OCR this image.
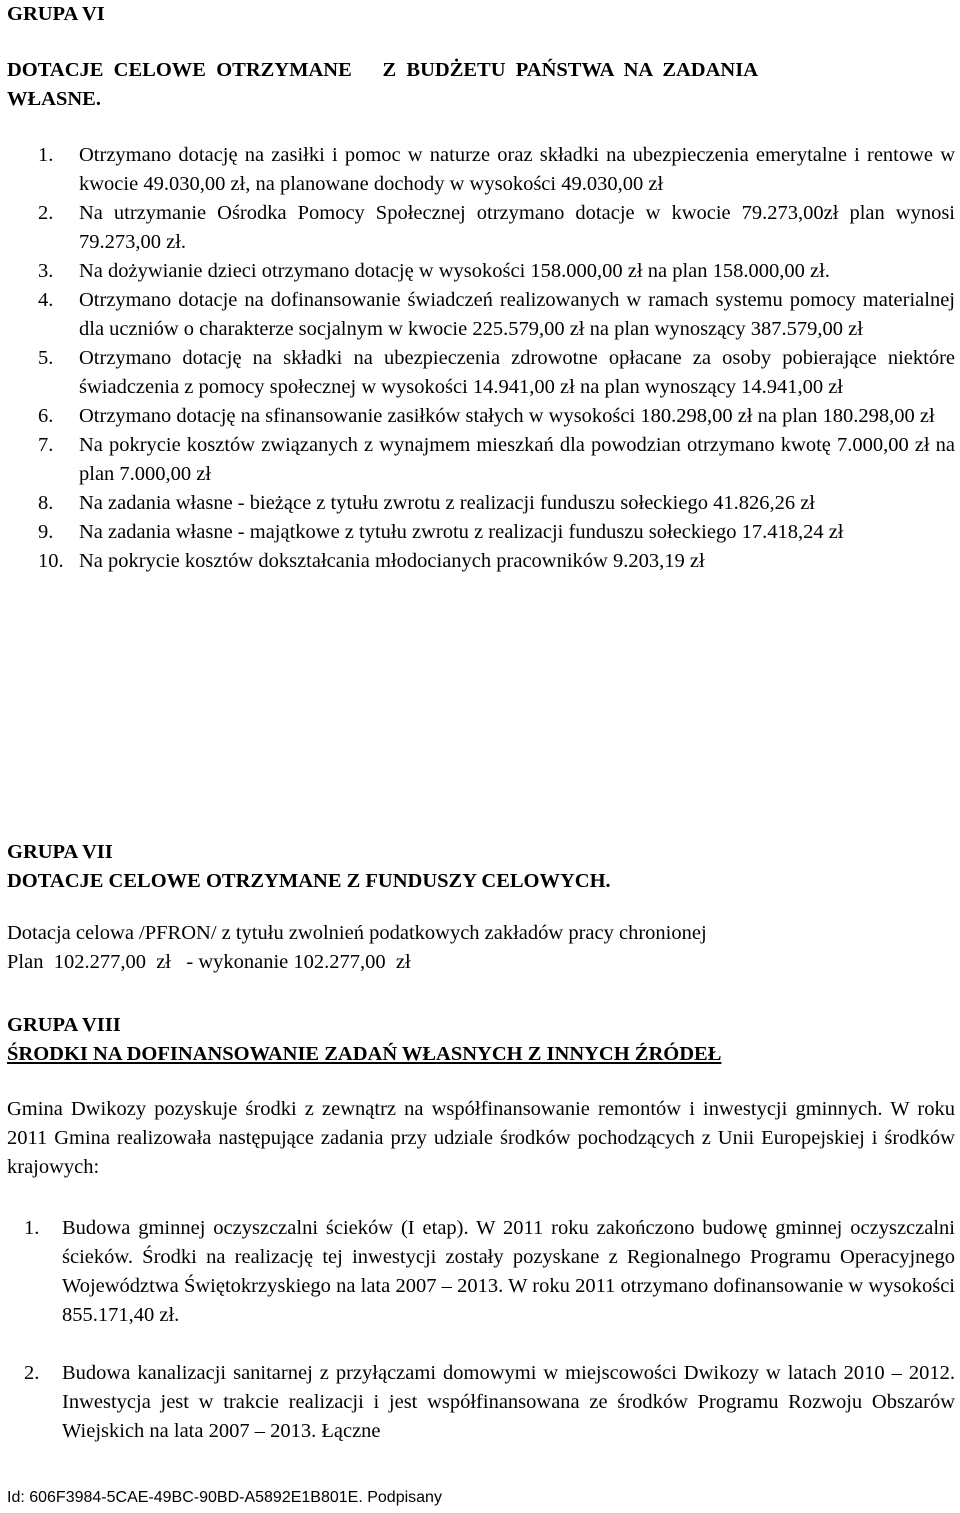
GRUPA VI
DOTACJE  CELOWE  OTRZYMANE      Z  BUDŻETU  PAŃSTWA  NA  ZADANIA
WŁASNE.
1.	Otrzymano dotację na zasiłki i pomoc w naturze oraz składki na ubezpieczenia emerytalne i rentowe w kwocie 49.030,00 zł, na planowane dochody w wysokości 49.030,00 zł
2.	Na utrzymanie Ośrodka Pomocy Społecznej otrzymano dotacje w kwocie 79.273,00zł plan wynosi 79.273,00 zł.
3.	Na dożywianie dzieci otrzymano dotację w wysokości 158.000,00 zł na plan 158.000,00 zł.
4.	Otrzymano dotacje na dofinansowanie świadczeń realizowanych w ramach systemu pomocy materialnej dla uczniów o charakterze socjalnym w kwocie 225.579,00 zł na plan wynoszący 387.579,00 zł
5.	Otrzymano dotację na składki na ubezpieczenia zdrowotne opłacane za osoby pobierające niektóre świadczenia z pomocy społecznej w wysokości 14.941,00 zł na plan wynoszący 14.941,00 zł
6.	Otrzymano dotację na sfinansowanie zasiłków stałych w wysokości 180.298,00 zł na plan 180.298,00 zł
7.	Na pokrycie kosztów związanych z wynajmem mieszkań dla powodzian otrzymano kwotę 7.000,00 zł na plan 7.000,00 zł
8.	Na zadania własne - bieżące z tytułu zwrotu z realizacji funduszu sołeckiego 41.826,26 zł
9.	Na zadania własne - majątkowe z tytułu zwrotu z realizacji funduszu sołeckiego 17.418,24 zł
10. Na pokrycie kosztów dokształcania młodocianych pracowników 9.203,19 zł
GRUPA VII
DOTACJE CELOWE OTRZYMANE Z FUNDUSZY CELOWYCH.
Dotacja celowa /PFRON/ z tytułu zwolnień podatkowych zakładów pracy chronionej
Plan  102.277,00  zł   - wykonanie 102.277,00  zł
GRUPA VIII
ŚRODKI NA DOFINANSOWANIE ZADAŃ WŁASNYCH Z INNYCH ŹRÓDEŁ
Gmina Dwikozy pozyskuje środki z zewnątrz na współfinansowanie remontów i inwestycji gminnych. W roku 2011 Gmina realizowała następujące zadania przy udziale środków pochodzących z Unii Europejskiej i środków krajowych:
1.	Budowa gminnej oczyszczalni ścieków (I etap). W 2011 roku zakończono budowę gminnej oczyszczalni ścieków. Środki na realizację tej inwestycji zostały pozyskane z Regionalnego Programu Operacyjnego Województwa Świętokrzyskiego na lata 2007 – 2013. W roku 2011 otrzymano dofinansowanie w wysokości 855.171,40 zł.
2.	Budowa kanalizacji sanitarnej z przyłączami domowymi w miejscowości Dwikozy w latach 2010 – 2012. Inwestycja jest w trakcie realizacji i jest współfinansowana ze środków Programu Rozwoju Obszarów Wiejskich na lata 2007 – 2013. Łączne
Id: 606F3984-5CAE-49BC-90BD-A5892E1B801E. Podpisany
